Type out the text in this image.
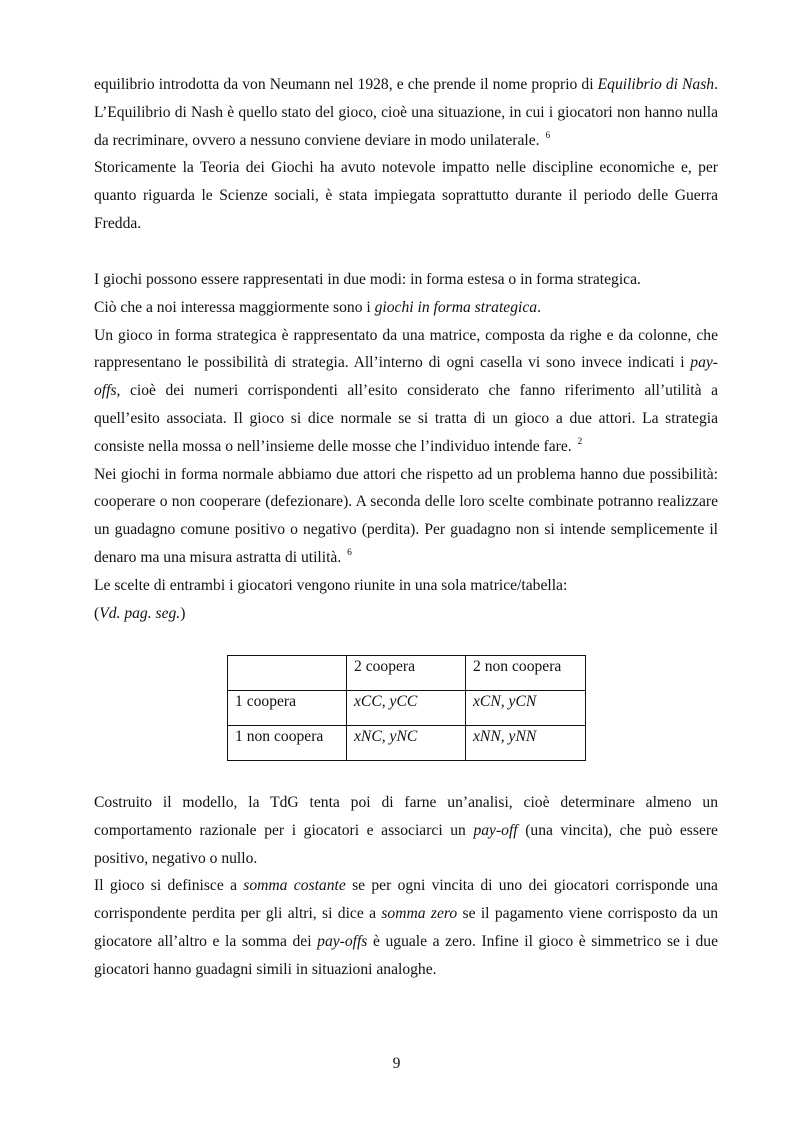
equilibrio introdotta da von Neumann nel 1928, e che prende il nome proprio di Equilibrio di Nash. L’Equilibrio di Nash è quello stato del gioco, cioè una situazione, in cui i giocatori non hanno nulla da recriminare, ovvero a nessuno conviene deviare in modo unilaterale. $^6$

Storicamente la Teoria dei Giochi ha avuto notevole impatto nelle discipline economiche e, per quanto riguarda le Scienze sociali, è stata impiegata soprattutto durante il periodo delle Guerra Fredda.

I giochi possono essere rappresentati in due modi: in forma estesa o in forma strategica.

Ciò che a noi interessa maggiormente sono i giochi in forma strategica.

Un gioco in forma strategica è rappresentato da una matrice, composta da righe e da colonne, che rappresentano le possibilità di strategia. All’interno di ogni casella vi sono invece indicati i pay-offs, cioè dei numeri corrispondenti all’esito considerato che fanno riferimento all’utilità a quell’esito associata. Il gioco si dice normale se si tratta di un gioco a due attori. La strategia consiste nella mossa o nell’insieme delle mosse che l’individuo intende fare. $^2$

Nei giochi in forma normale abbiamo due attori che rispetto ad un problema hanno due possibilità: cooperare o non cooperare (defezionare). A seconda delle loro scelte combinate potranno realizzare un guadagno comune positivo o negativo (perdita). Per guadagno non si intende semplicemente il denaro ma una misura astratta di utilità. $^6$

Le scelte di entrambi i giocatori vengono riunite in una sola matrice/tabella:

(Vd. pag. seg.)

	2 coopera	2 non coopera
1 coopera	xCC, yCC	xCN, yCN
1 non coopera	xNC, yNC	xNN, yNN

Costruito il modello, la TdG tenta poi di farne un’analisi, cioè determinare almeno un comportamento razionale per i giocatori e associarci un pay-off (una vincita), che può essere positivo, negativo o nullo.

Il gioco si definisce a somma costante se per ogni vincita di uno dei giocatori corrisponde una corrispondente perdita per gli altri, si dice a somma zero se il pagamento viene corrisposto da un giocatore all’altro e la somma dei pay-offs è uguale a zero. Infine il gioco è simmetrico se i due giocatori hanno guadagni simili in situazioni analoghe.

9
